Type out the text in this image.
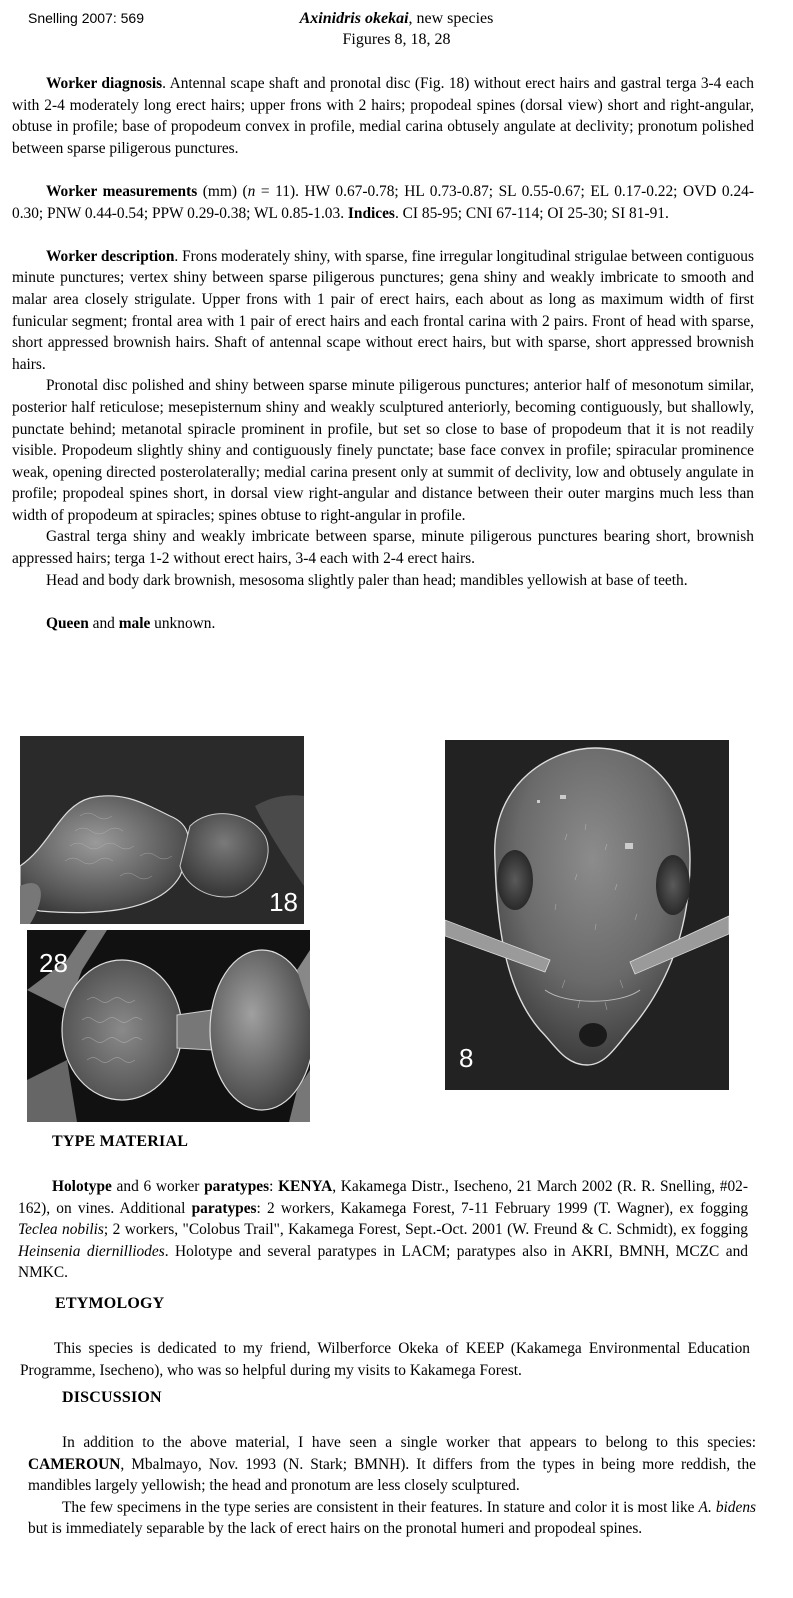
Snelling 2007: 569	Axinidris okekai, new species
Figures 8, 18, 28

Worker diagnosis. Antennal scape shaft and pronotal disc (Fig. 18) without erect hairs and gastral terga 3-4 each with 2-4 moderately long erect hairs; upper frons with 2 hairs; propodeal spines (dorsal view) short and right-angular, obtuse in profile; base of propodeum convex in profile, medial carina obtusely angulate at declivity; pronotum polished between sparse piligerous punctures.

Worker measurements (mm) (n = 11). HW 0.67-0.78; HL 0.73-0.87; SL 0.55-0.67; EL 0.17-0.22; OVD 0.24-0.30; PNW 0.44-0.54; PPW 0.29-0.38; WL 0.85-1.03. Indices. CI 85-95; CNI 67-114; OI 25-30; SI 81-91.

Worker description. Frons moderately shiny, with sparse, fine irregular longitudinal strigulae between contiguous minute punctures; vertex shiny between sparse piligerous punctures; gena shiny and weakly imbricate to smooth and malar area closely strigulate. Upper frons with 1 pair of erect hairs, each about as long as maximum width of first funicular segment; frontal area with 1 pair of erect hairs and each frontal carina with 2 pairs. Front of head with sparse, short appressed brownish hairs. Shaft of antennal scape without erect hairs, but with sparse, short appressed brownish hairs.

Pronotal disc polished and shiny between sparse minute piligerous punctures; anterior half of mesonotum similar, posterior half reticulose; mesepisternum shiny and weakly sculptured anteriorly, becoming contiguously, but shallowly, punctate behind; metanotal spiracle prominent in profile, but set so close to base of propodeum that it is not readily visible. Propodeum slightly shiny and contiguously finely punctate; base face convex in profile; spiracular prominence weak, opening directed posterolaterally; medial carina present only at summit of declivity, low and obtusely angulate in profile; propodeal spines short, in dorsal view right-angular and distance between their outer margins much less than width of propodeum at spiracles; spines obtuse to right-angular in profile.

Gastral terga shiny and weakly imbricate between sparse, minute piligerous punctures bearing short, brownish appressed hairs; terga 1-2 without erect hairs, 3-4 each with 2-4 erect hairs.

Head and body dark brownish, mesosoma slightly paler than head; mandibles yellowish at base of teeth.

Queen and male unknown.

18
28
8
TYPE MATERIAL

Holotype and 6 worker paratypes: KENYA, Kakamega Distr., Isecheno, 21 March 2002 (R. R. Snelling, #02-162), on vines. Additional paratypes: 2 workers, Kakamega Forest, 7-11 February 1999 (T. Wagner), ex fogging Teclea nobilis; 2 workers, "Colobus Trail", Kakamega Forest, Sept.-Oct. 2001 (W. Freund & C. Schmidt), ex fogging Heinsenia diernilliodes. Holotype and several paratypes in LACM; paratypes also in AKRI, BMNH, MCZC and NMKC.

ETYMOLOGY

This species is dedicated to my friend, Wilberforce Okeka of KEEP (Kakamega Environmental Education Programme, Isecheno), who was so helpful during my visits to Kakamega Forest.

DISCUSSION

In addition to the above material, I have seen a single worker that appears to belong to this species: CAMEROUN, Mbalmayo, Nov. 1993 (N. Stark; BMNH). It differs from the types in being more reddish, the mandibles largely yellowish; the head and pronotum are less closely sculptured.

The few specimens in the type series are consistent in their features. In stature and color it is most like A. bidens but is immediately separable by the lack of erect hairs on the pronotal humeri and propodeal spines.
